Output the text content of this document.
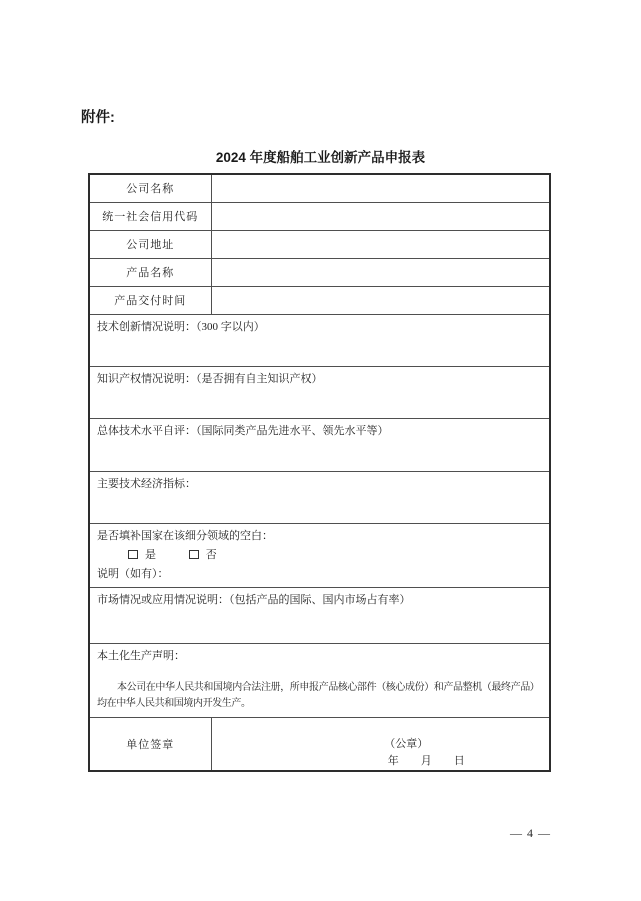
附件:
2024 年度船舶工业创新产品申报表
公司名称	
统一社会信用代码	
公司地址	
产品名称	
产品交付时间	
技术创新情况说明：（300 字以内）	
知识产权情况说明：（是否拥有自主知识产权）	
总体技术水平自评：（国际同类产品先进水平、领先水平等）	
主要技术经济指标：	

是否填补国家在该细分领域的空白：
是 否
说明（如有）：	

市场情况或应用情况说明：（包括产品的国际、国内市场占有率）	

本土化生产声明：
本公司在中华人民共和国境内合法注册，所申报产品核心部件（核心成份）和产品整机（最终产品）
均在中华人民共和国境内开发生产。	

单位签章	（公章）
年　　月　　日
— 4 —
